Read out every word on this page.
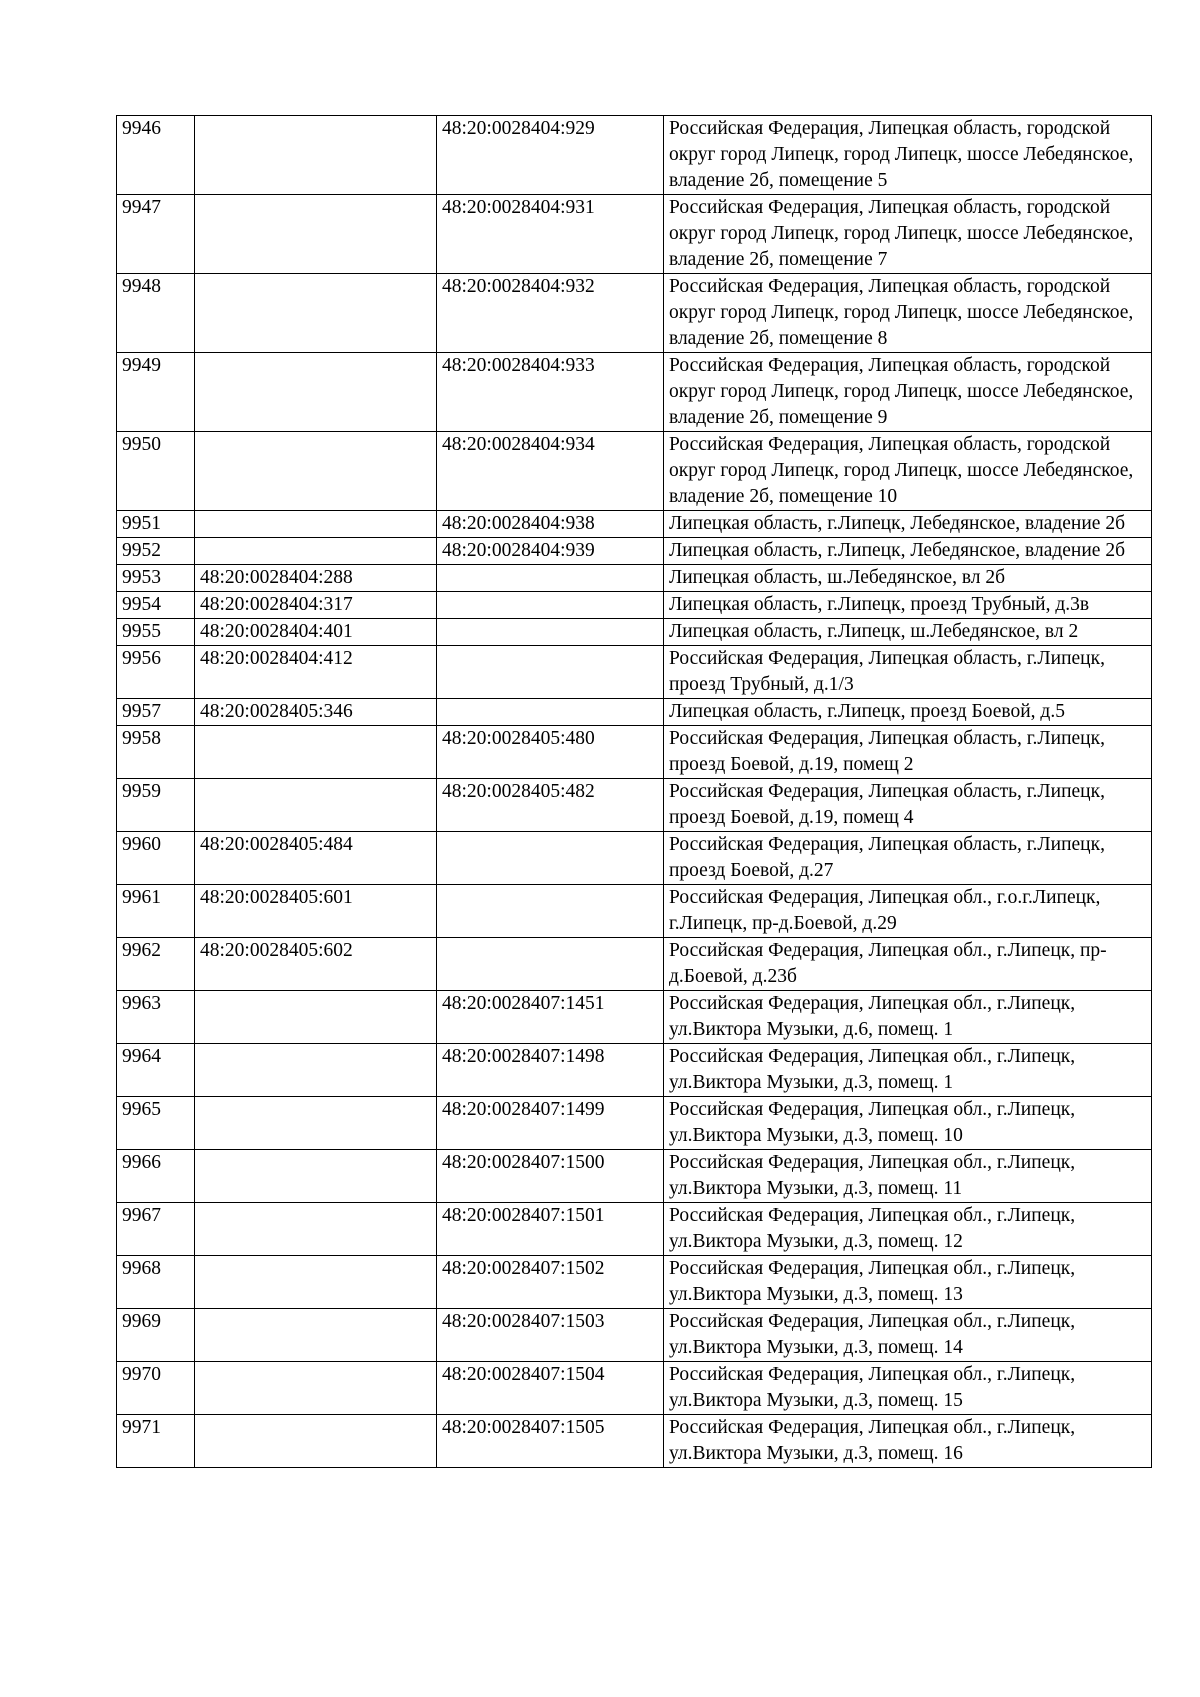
9946		48:20:0028404:929	Российская Федерация, Липецкая область, городской округ город Липецк, город Липецк, шоссе Лебедянское, владение 2б, помещение 5
9947		48:20:0028404:931	Российская Федерация, Липецкая область, городской округ город Липецк, город Липецк, шоссе Лебедянское, владение 2б, помещение 7
9948		48:20:0028404:932	Российская Федерация, Липецкая область, городской округ город Липецк, город Липецк, шоссе Лебедянское, владение 2б, помещение 8
9949		48:20:0028404:933	Российская Федерация, Липецкая область, городской округ город Липецк, город Липецк, шоссе Лебедянское, владение 2б, помещение 9
9950		48:20:0028404:934	Российская Федерация, Липецкая область, городской округ город Липецк, город Липецк, шоссе Лебедянское, владение 2б, помещение 10
9951		48:20:0028404:938	Липецкая область, г.Липецк, Лебедянское, владение 2б
9952		48:20:0028404:939	Липецкая область, г.Липецк, Лебедянское, владение 2б
9953	48:20:0028404:288		Липецкая область, ш.Лебедянское, вл 2б
9954	48:20:0028404:317		Липецкая область, г.Липецк, проезд Трубный, д.3в
9955	48:20:0028404:401		Липецкая область, г.Липецк, ш.Лебедянское, вл 2
9956	48:20:0028404:412		Российская Федерация, Липецкая область, г.Липецк, проезд Трубный, д.1/3
9957	48:20:0028405:346		Липецкая область, г.Липецк, проезд Боевой, д.5
9958		48:20:0028405:480	Российская Федерация, Липецкая область, г.Липецк, проезд Боевой, д.19, помещ 2
9959		48:20:0028405:482	Российская Федерация, Липецкая область, г.Липецк, проезд Боевой, д.19, помещ 4
9960	48:20:0028405:484		Российская Федерация, Липецкая область, г.Липецк, проезд Боевой, д.27
9961	48:20:0028405:601		Российская Федерация, Липецкая обл., г.о.г.Липецк, г.Липецк, пр-д.Боевой, д.29
9962	48:20:0028405:602		Российская Федерация, Липецкая обл., г.Липецк, пр-д.Боевой, д.23б
9963		48:20:0028407:1451	Российская Федерация, Липецкая обл., г.Липецк, ул.Виктора Музыки, д.6, помещ. 1
9964		48:20:0028407:1498	Российская Федерация, Липецкая обл., г.Липецк, ул.Виктора Музыки, д.3, помещ. 1
9965		48:20:0028407:1499	Российская Федерация, Липецкая обл., г.Липецк, ул.Виктора Музыки, д.3, помещ. 10
9966		48:20:0028407:1500	Российская Федерация, Липецкая обл., г.Липецк, ул.Виктора Музыки, д.3, помещ. 11
9967		48:20:0028407:1501	Российская Федерация, Липецкая обл., г.Липецк, ул.Виктора Музыки, д.3, помещ. 12
9968		48:20:0028407:1502	Российская Федерация, Липецкая обл., г.Липецк, ул.Виктора Музыки, д.3, помещ. 13
9969		48:20:0028407:1503	Российская Федерация, Липецкая обл., г.Липецк, ул.Виктора Музыки, д.3, помещ. 14
9970		48:20:0028407:1504	Российская Федерация, Липецкая обл., г.Липецк, ул.Виктора Музыки, д.3, помещ. 15
9971		48:20:0028407:1505	Российская Федерация, Липецкая обл., г.Липецк, ул.Виктора Музыки, д.3, помещ. 16
